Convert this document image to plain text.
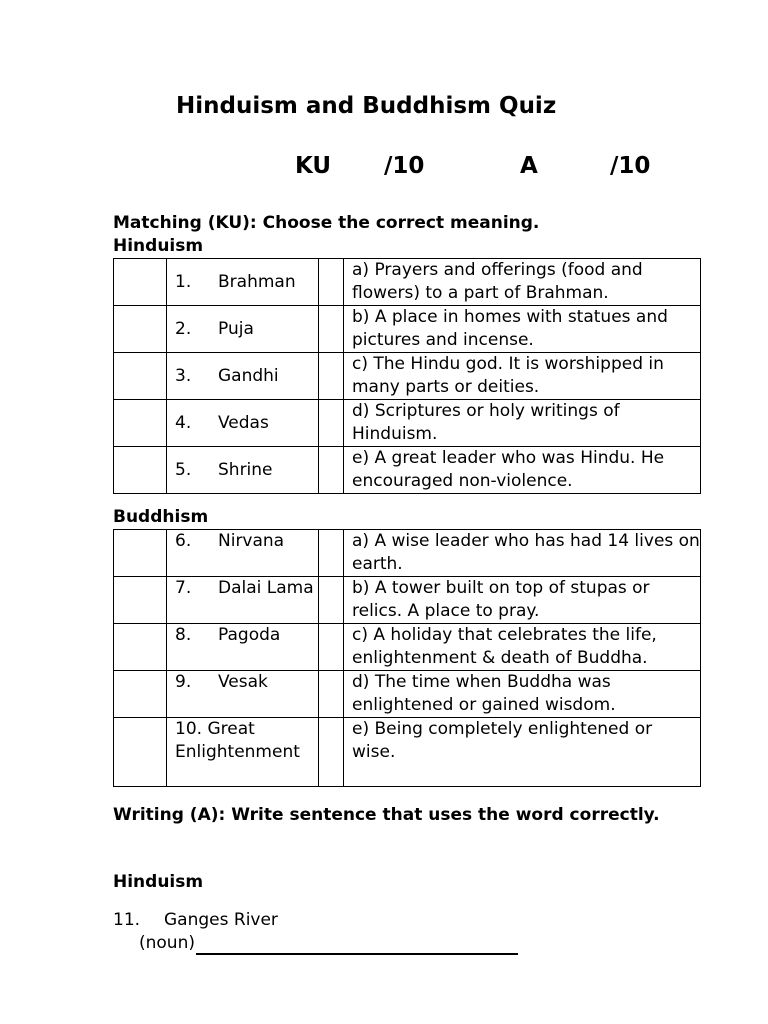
Hinduism and Buddhism Quiz
KU /10	A	/10
Matching (KU): Choose the correct meaning.
Hinduism
	1. Brahman		a) Prayers and offerings (food and flowers) to a part of Brahman.
	2. Puja		b) A place in homes with statues and pictures and incense.
	3. Gandhi		c) The Hindu god. It is worshipped in many parts or deities.
	4. Vedas		d) Scriptures or holy writings of Hinduism.
	5. Shrine		e) A great leader who was Hindu. He encouraged non-violence.
Buddhism
	6. Nirvana		a) A wise leader who has had 14 lives on earth.
	7. Dalai Lama		b) A tower built on top of stupas or relics. A place to pray.
	8. Pagoda		c) A holiday that celebrates the life, enlightenment & death of Buddha.
	9. Vesak		d) The time when Buddha was enlightened or gained wisdom.
	10. Great Enlightenment		e) Being completely enlightened or wise.
Writing (A): Write sentence that uses the word correctly.
Hinduism
11. Ganges River
(noun)
